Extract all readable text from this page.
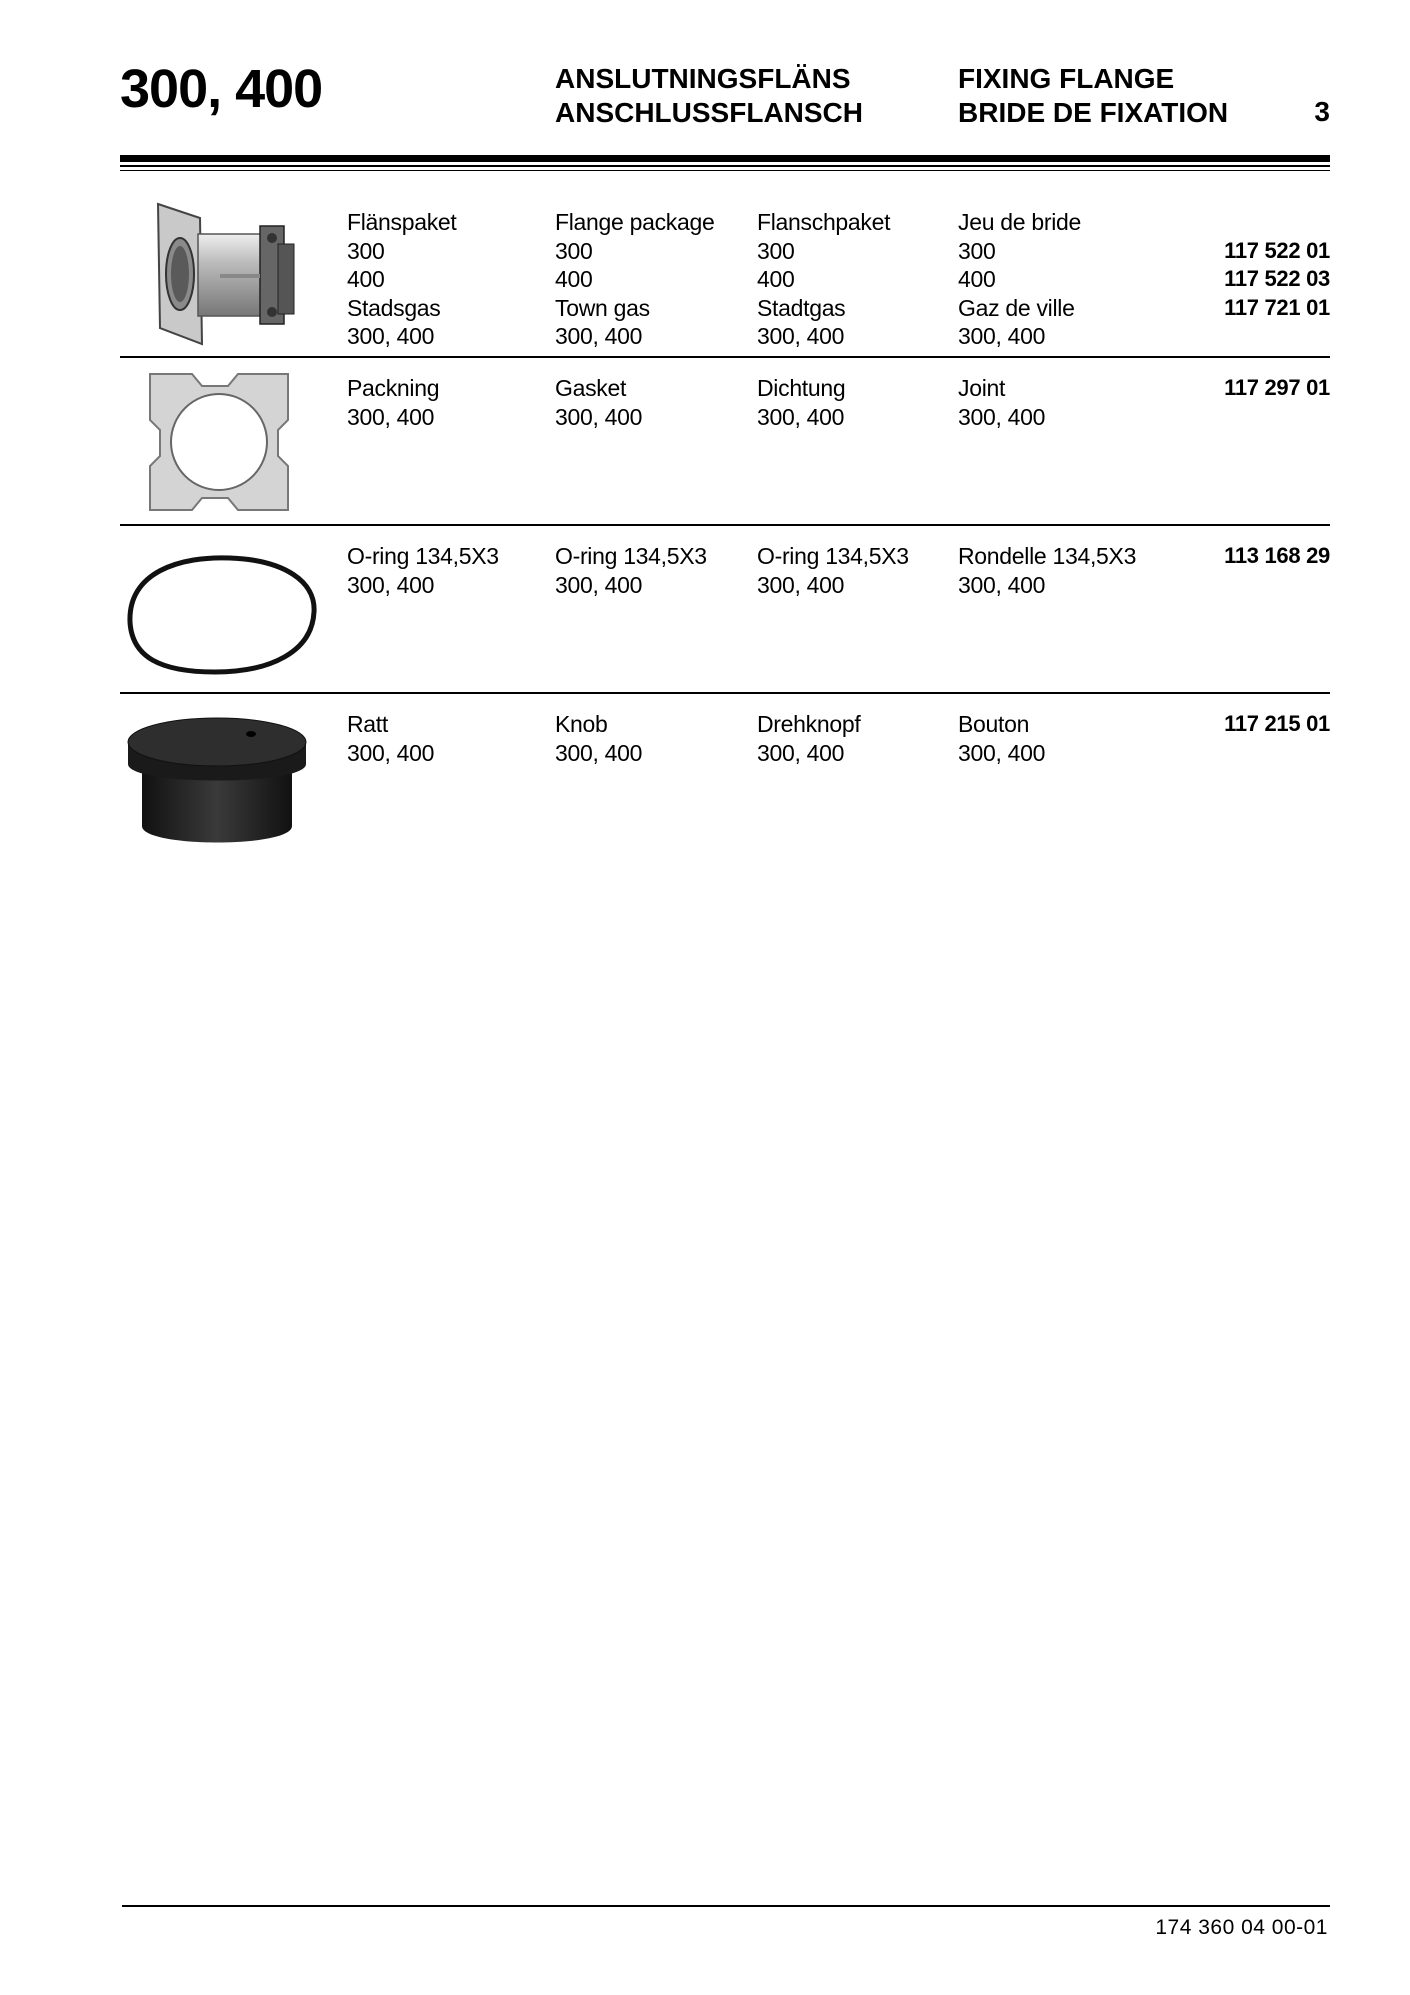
300, 400	ANSLUTNINGSFLÄNS
ANSCHLUSSFLANSCH
FIXING FLANGE
BRIDE DE FIXATION	3
Flänspaket
300
400
Stadsgas
300, 400
Flange package
300
400
Town gas
300, 400
Flanschpaket
300
400
Stadtgas
300, 400
Jeu de bride
300
400
Gaz de ville
300, 400
117 522 01
117 522 03
117 721 01
Packning
300, 400
Gasket
300, 400
Dichtung
300, 400
Joint
300, 400
117 297 01
O-ring 134,5X3
300, 400
O-ring 134,5X3
300, 400
O-ring 134,5X3
300, 400
Rondelle 134,5X3
300, 400
113 168 29
Ratt
300, 400
Knob
300, 400
Drehknopf
300, 400
Bouton
300, 400
117 215 01
174 360 04 00-01
